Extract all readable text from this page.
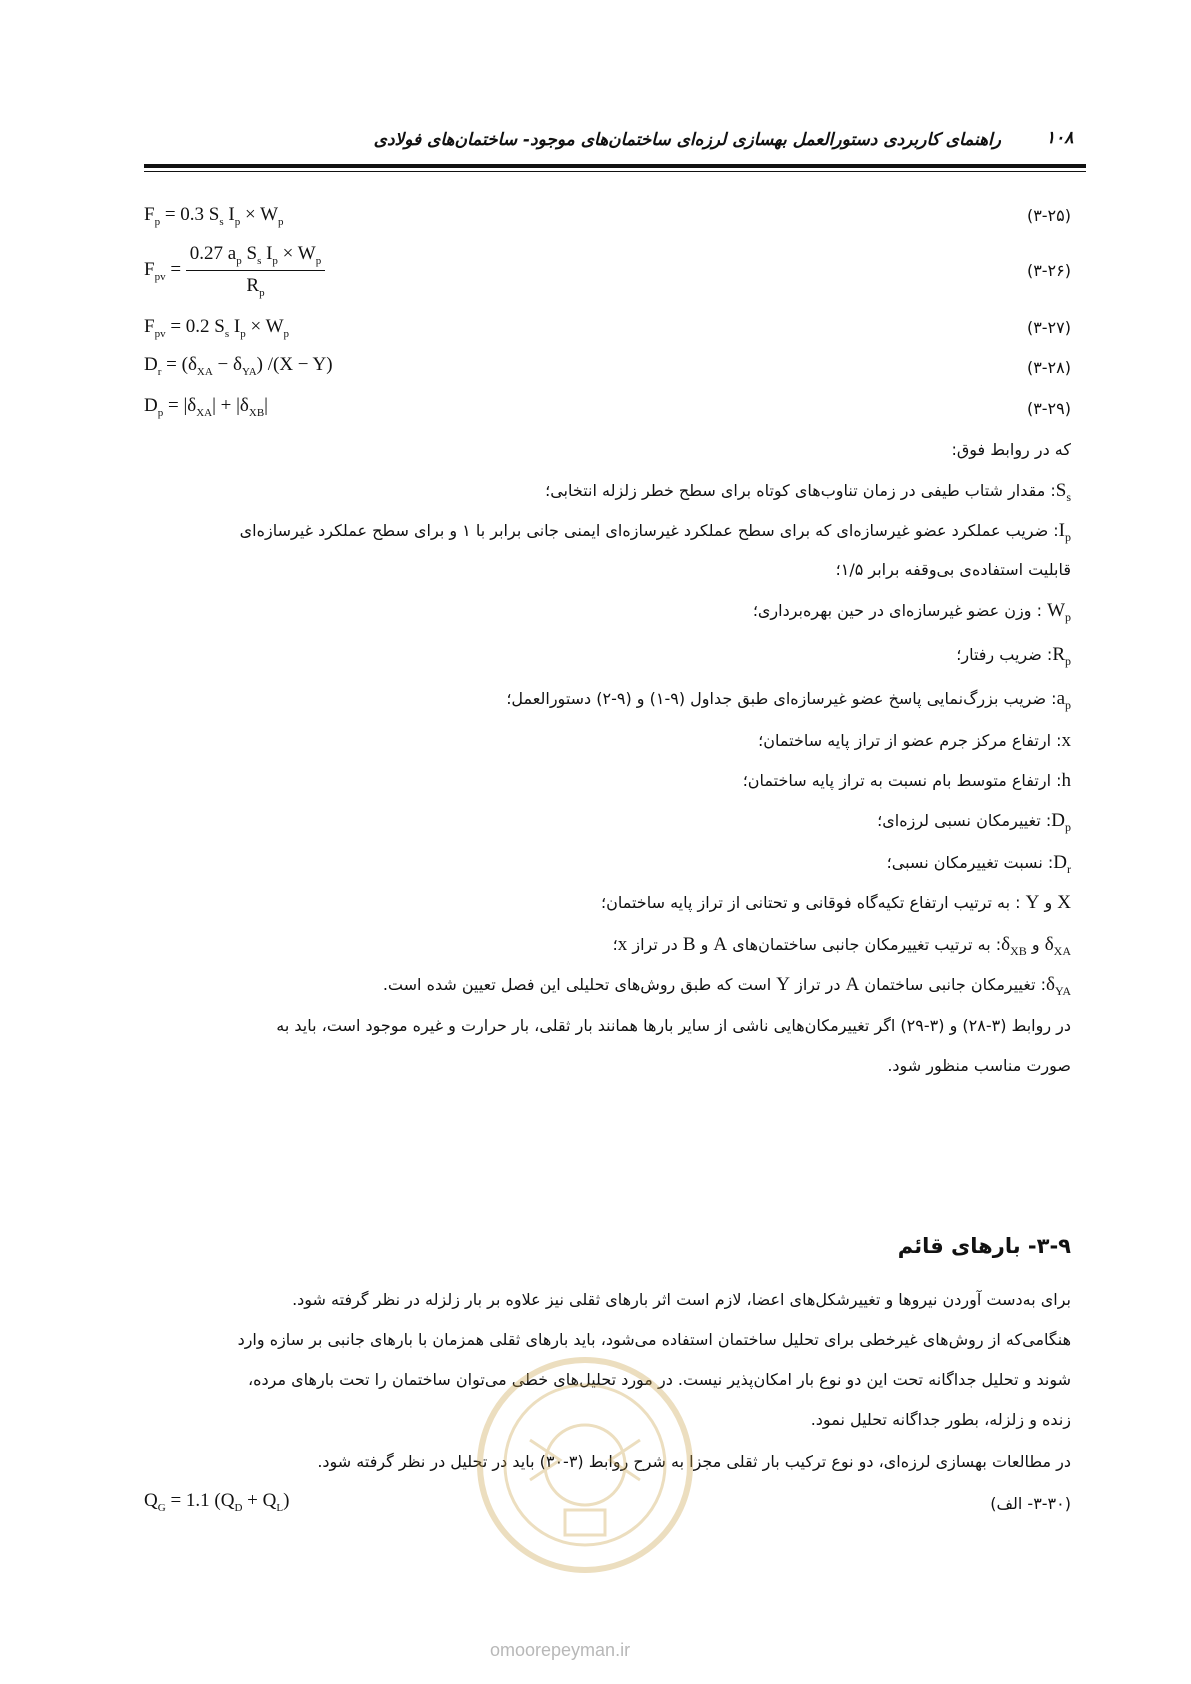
راهنمای کاربردی دستورالعمل بهسازی لرزه‌ای ساختمان‌های موجود- ساختمان‌های فولادی	۱۰۸
$F_p = 0.3$ $S_s$ $I_p \times W_p$	(۳-۲۵)
$F_{pv} = \frac{0.27 a_p S_s I_p \times W_p}{R_p}$	(۳-۲۶)
$F_{pv} = 0.2$ $S_s$ $I_p \times W_p$	(۳-۲۷)
$D_r = (\delta_{XA} - \delta_{YA}) /(X - Y)$	(۳-۲۸)
$D_p = |\delta_{XA}| + |\delta_{XB}|$	(۳-۲۹)
که در روابط فوق:
$S_s$: مقدار شتاب طیفی در زمان تناوب‌های کوتاه برای سطح خطر زلزله انتخابی؛
$I_p$: ضریب عملکرد عضو غیرسازه‌ای که برای سطح عملکرد غیرسازه‌ای ایمنی جانی برابر با ۱ و برای سطح عملکرد غیرسازه‌ای
قابلیت استفاده‌ی بی‌وقفه برابر ۱/۵؛
$W_p$ : وزن عضو غیرسازه‌ای در حین بهره‌برداری؛
$R_p$: ضریب رفتار؛
$a_p$: ضریب بزرگ‌نمایی پاسخ عضو غیرسازه‌ای طبق جداول (۹-۱) و (۹-۲) دستورالعمل؛
x: ارتفاع مرکز جرم عضو از تراز پایه ساختمان؛
h: ارتفاع متوسط بام نسبت به تراز پایه ساختمان؛
$D_p$: تغییرمکان نسبی لرزه‌ای؛
$D_r$: نسبت تغییرمکان نسبی؛
X و Y : به ترتیب ارتفاع تکیه‌گاه فوقانی و تحتانی از تراز پایه ساختمان؛
$\delta_{XA}$ و $\delta_{XB}$: به ترتیب تغییرمکان جانبی ساختمان‌های A و B در تراز x؛
$\delta_{YA}$: تغییرمکان جانبی ساختمان A در تراز Y است که طبق روش‌های تحلیلی این فصل تعیین شده است.
در روابط (۳-۲۸) و (۳-۲۹) اگر تغییرمکان‌هایی ناشی از سایر بارها همانند بار ثقلی، بار حرارت و غیره موجود است، باید به
صورت مناسب منظور شود.
۳-۹- بارهای قائم
برای به‌دست آوردن نیروها و تغییرشکل‌های اعضا، لازم است اثر بارهای ثقلی نیز علاوه بر بار زلزله در نظر گرفته شود.
هنگامی‌که از روش‌های غیرخطی برای تحلیل ساختمان استفاده می‌شود، باید بارهای ثقلی همزمان با بارهای جانبی بر سازه وارد
شوند و تحلیل جداگانه تحت این دو نوع بار امکان‌پذیر نیست. در مورد تحلیل‌های خطی می‌توان ساختمان را تحت بارهای مرده،
زنده و زلزله، بطور جداگانه تحلیل نمود.
در مطالعات بهسازی لرزه‌ای، دو نوع ترکیب بار ثقلی مجزا به شرح روابط (۳-۳۰) باید در تحلیل در نظر گرفته شود.
$Q_G = 1.1$ $(Q_D + Q_L)$	(۳-۳۰- الف)
omoorepeyman.ir
